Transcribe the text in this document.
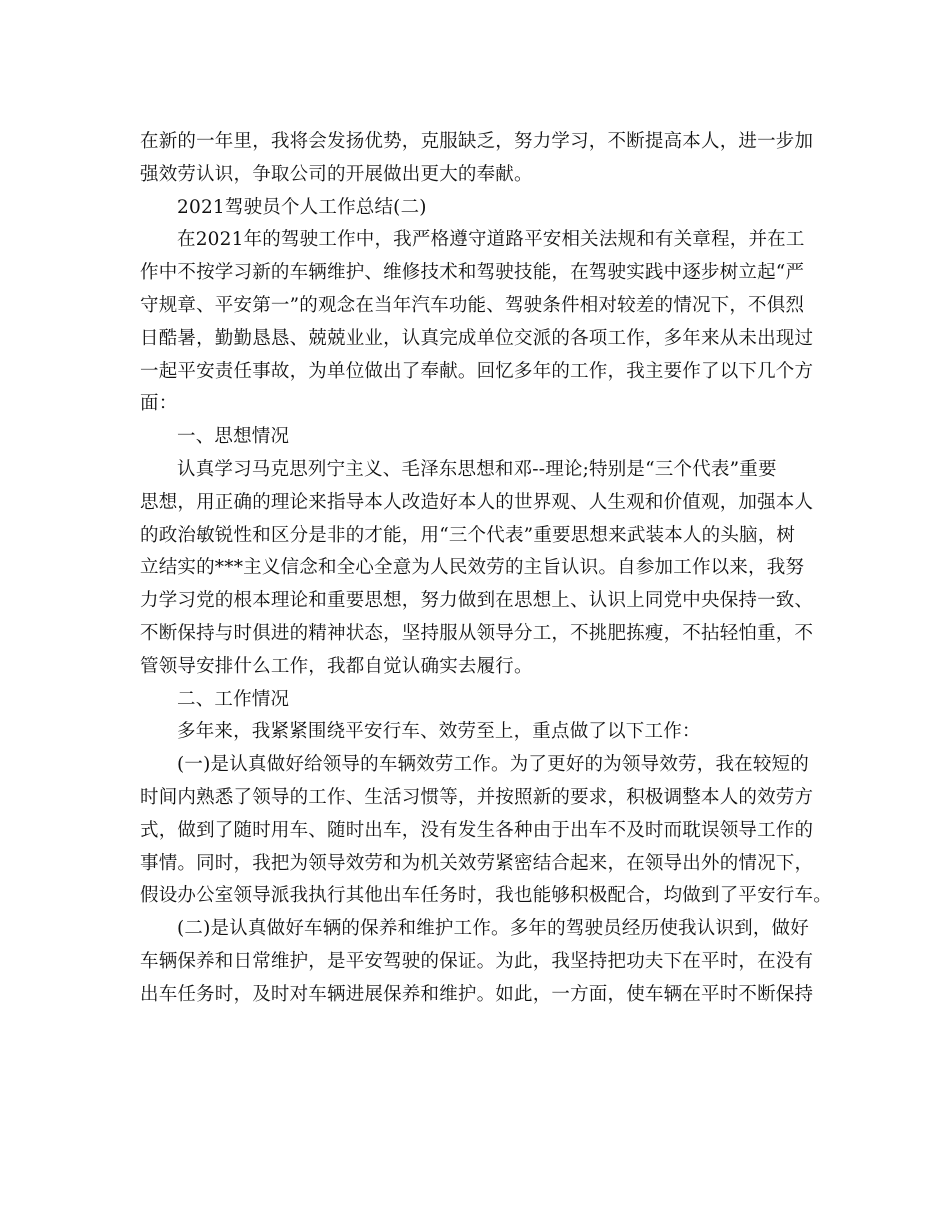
在新的一年里，我将会发扬优势，克服缺乏，努力学习，不断提高本人，进一步加
强效劳认识，争取公司的开展做出更大的奉献。
2021驾驶员个人工作总结(二)
在2021年的驾驶工作中，我严格遵守道路平安相关法规和有关章程，并在工
作中不按学习新的车辆维护、维修技术和驾驶技能，在驾驶实践中逐步树立起“严
守规章、平安第一”的观念在当年汽车功能、驾驶条件相对较差的情况下，不俱烈
日酷暑，勤勤恳恳、兢兢业业，认真完成单位交派的各项工作，多年来从未出现过
一起平安责任事故，为单位做出了奉献。回忆多年的工作，我主要作了以下几个方
面：
一、思想情况
认真学习马克思列宁主义、毛泽东思想和邓--理论;特别是“三个代表”重要
思想，用正确的理论来指导本人改造好本人的世界观、人生观和价值观，加强本人
的政治敏锐性和区分是非的才能，用“三个代表”重要思想来武装本人的头脑，树
立结实的***主义信念和全心全意为人民效劳的主旨认识。自参加工作以来，我努
力学习党的根本理论和重要思想，努力做到在思想上、认识上同党中央保持一致、
不断保持与时俱进的精神状态，坚持服从领导分工，不挑肥拣瘦，不拈轻怕重，不
管领导安排什么工作，我都自觉认确实去履行。
二、工作情况
多年来，我紧紧围绕平安行车、效劳至上，重点做了以下工作：
(一)是认真做好给领导的车辆效劳工作。为了更好的为领导效劳，我在较短的
时间内熟悉了领导的工作、生活习惯等，并按照新的要求，积极调整本人的效劳方
式，做到了随时用车、随时出车，没有发生各种由于出车不及时而耽误领导工作的
事情。同时，我把为领导效劳和为机关效劳紧密结合起来，在领导出外的情况下，
假设办公室领导派我执行其他出车任务时，我也能够积极配合，均做到了平安行车。
(二)是认真做好车辆的保养和维护工作。多年的驾驶员经历使我认识到，做好
车辆保养和日常维护，是平安驾驶的保证。为此，我坚持把功夫下在平时，在没有
出车任务时，及时对车辆进展保养和维护。如此，一方面，使车辆在平时不断保持
